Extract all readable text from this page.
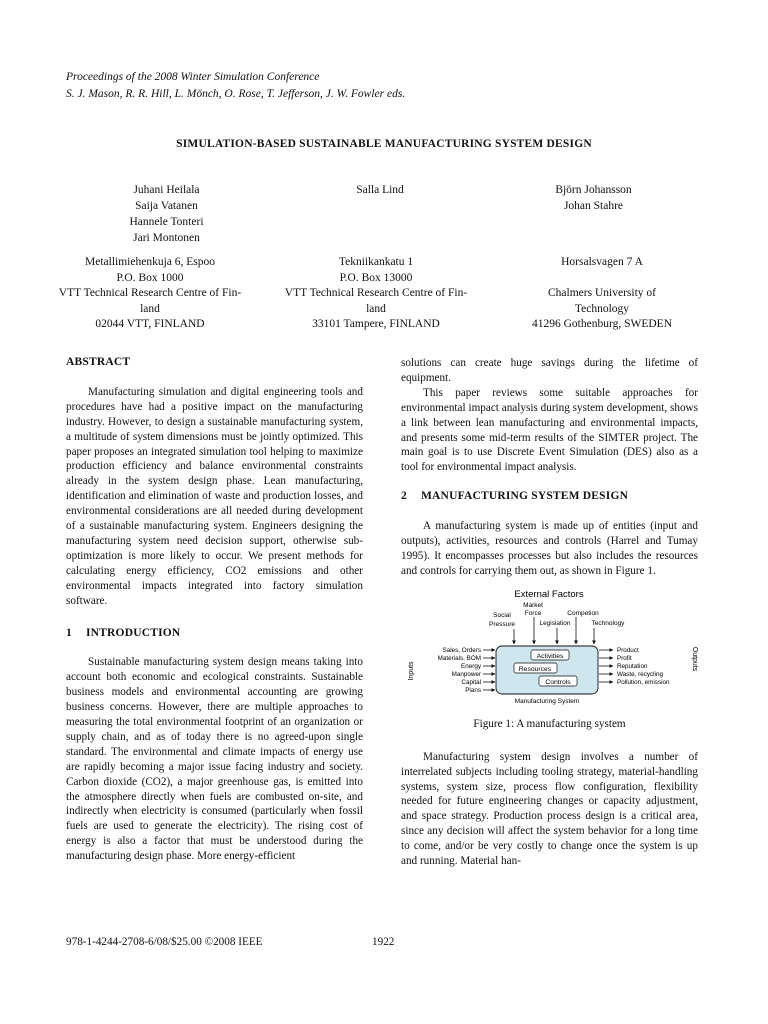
Proceedings of the 2008 Winter Simulation Conference
S. J. Mason, R. R. Hill, L. Mönch, O. Rose, T. Jefferson, J. W. Fowler eds.
SIMULATION-BASED SUSTAINABLE MANUFACTURING SYSTEM DESIGN
Juhani Heilala
Saija Vatanen
Hannele Tonteri
Jari Montonen
Salla Lind	Björn Johansson
Johan Stahre
Metallimiehenkuja 6, Espoo
P.O. Box 1000
VTT Technical Research Centre of Fin-
land
02044 VTT, FINLAND
Tekniikankatu 1
P.O. Box 13000
VTT Technical Research Centre of Fin-
land
33101 Tampere, FINLAND
Horsalsvagen 7 A
Chalmers University of
Technology
41296 Gothenburg, SWEDEN
ABSTRACT

Manufacturing simulation and digital engineering tools and procedures have had a positive impact on the manufacturing industry. However, to design a sustainable manufacturing system, a multitude of system dimensions must be jointly optimized. This paper proposes an integrated simulation tool helping to maximize production efficiency and balance environmental constraints already in the system design phase. Lean manufacturing, identification and elimination of waste and production losses, and environmental considerations are all needed during development of a sustainable manufacturing system. Engineers designing the manufacturing system need decision support, otherwise sub-optimization is more likely to occur. We present methods for calculating energy efficiency, CO2 emissions and other environmental impacts integrated into factory simulation software.

1 INTRODUCTION

Sustainable manufacturing system design means taking into account both economic and ecological constraints. Sustainable business models and environmental accounting are growing business concerns. However, there are multiple approaches to measuring the total environmental footprint of an organization or supply chain, and as of today there is no agreed-upon single standard. The environmental and climate impacts of energy use are rapidly becoming a major issue facing industry and society. Carbon dioxide (CO2), a major greenhouse gas, is emitted into the atmosphere directly when fuels are combusted on-site, and indirectly when electricity is consumed (particularly when fossil fuels are used to generate the electricity). The rising cost of energy is also a factor that must be understood during the manufacturing design phase. More energy-efficient

solutions can create huge savings during the lifetime of equipment.

This paper reviews some suitable approaches for environmental impact analysis during system development, shows a link between lean manufacturing and environmental impacts, and presents some mid-term results of the SIMTER project. The main goal is to use Discrete Event Simulation (DES) also as a tool for environmental impact analysis.

2 MANUFACTURING SYSTEM DESIGN

A manufacturing system is made up of entities (input and outputs), activities, resources and controls (Harrel and Tumay 1995). It encompasses processes but also includes the resources and controls for carrying them out, as shown in Figure 1.

External Factors
Social
Pressure
Market
Force
Legislation
Competion
Technology
Activities
Resources
Controls
Manufacturing System
Inputs
Sales, Orders
Materials, BOM
Energy
Manpower
Capital
Plans
Product
Profit
Reputation
Waste, recycling
Pollution, emission
Outputs
Figure 1: A manufacturing system

Manufacturing system design involves a number of interrelated subjects including tooling strategy, material-handling systems, system size, process flow configuration, flexibility needed for future engineering changes or capacity adjustment, and space strategy. Production process design is a critical area, since any decision will affect the system behavior for a long time to come, and/or be very costly to change once the system is up and running. Material han-

978-1-4244-2708-6/08/$25.00 ©2008 IEEE	1922
